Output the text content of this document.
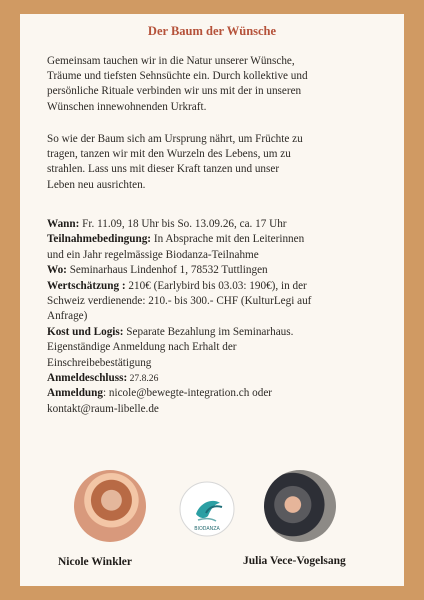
Der Baum der Wünsche
Gemeinsam tauchen wir in die Natur unserer Wünsche,
Träume und tiefsten Sehnsüchte ein. Durch kollektive und
persönliche Rituale verbinden wir uns mit der in unseren
Wünschen innewohnenden Urkraft.
So wie der Baum sich am Ursprung nährt, um Früchte zu
tragen, tanzen wir mit den Wurzeln des Lebens, um zu
strahlen. Lass uns mit dieser Kraft tanzen und unser
Leben neu ausrichten.
Wann: Fr. 11.09, 18 Uhr bis So. 13.09.26, ca. 17 Uhr
Teilnahmebedingung: In Absprache mit den Leiterinnen
und ein Jahr regelmässige Biodanza-Teilnahme
Wo: Seminarhaus Lindenhof 1, 78532 Tuttlingen
Wertschätzung : 210€ (Earlybird bis 03.03: 190€), in der
Schweiz verdienende: 210.- bis 300.- CHF (KulturLegi auf
Anfrage)
Kost und Logis: Separate Bezahlung im Seminarhaus.
Eigenständige Anmeldung nach Erhalt der
Einschreibebestätigung
Anmeldeschluss: 27.8.26
Anmeldung: nicole@bewegte-integration.ch oder
kontakt@raum-libelle.de
BIODANZA
Nicole Winkler	Julia Vece-Vogelsang
